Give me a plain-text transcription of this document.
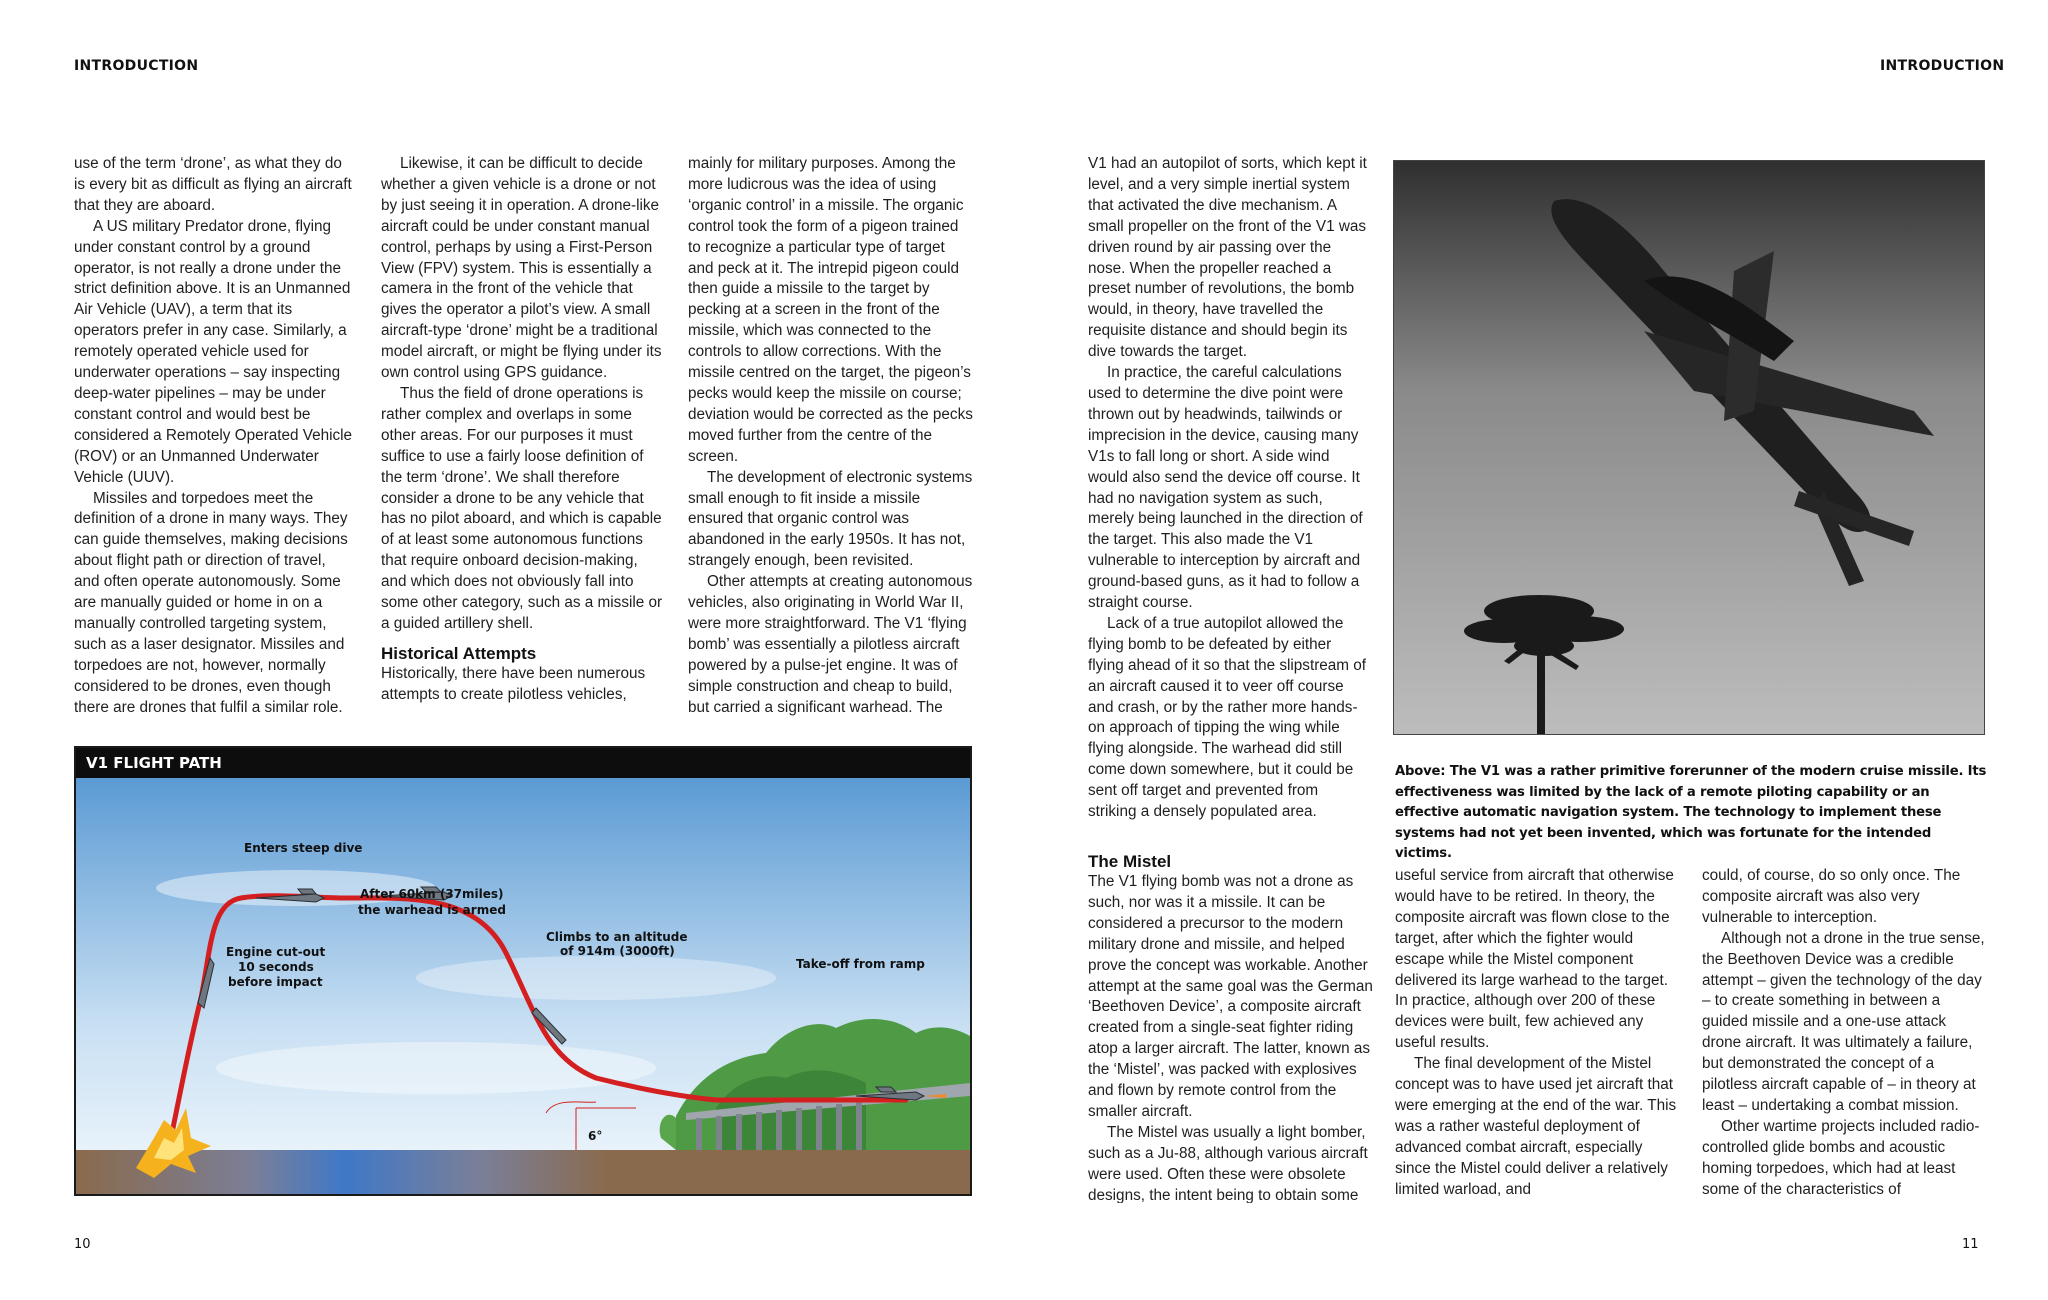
INTRODUCTION	INTRODUCTION

use of the term ‘drone’, as what they do is every bit as difficult as flying an aircraft that they are aboard.

A US military Predator drone, flying under constant control by a ground operator, is not really a drone under the strict definition above. It is an Unmanned Air Vehicle (UAV), a term that its operators prefer in any case. Similarly, a remotely operated vehicle used for underwater operations – say inspecting deep-water pipelines – may be under constant control and would best be considered a Remotely Operated Vehicle (ROV) or an Unmanned Underwater Vehicle (UUV).

Missiles and torpedoes meet the definition of a drone in many ways. They can guide themselves, making decisions about flight path or direction of travel, and often operate autonomously. Some are manually guided or home in on a manually controlled targeting system, such as a laser designator. Missiles and torpedoes are not, however, normally considered to be drones, even though there are drones that fulfil a similar role.

Likewise, it can be difficult to decide whether a given vehicle is a drone or not by just seeing it in operation. A drone-like aircraft could be under constant manual control, perhaps by using a First-Person View (FPV) system. This is essentially a camera in the front of the vehicle that gives the operator a pilot’s view. A small aircraft-type ‘drone’ might be a traditional model aircraft, or might be flying under its own control using GPS guidance.

Thus the field of drone operations is rather complex and overlaps in some other areas. For our purposes it must suffice to use a fairly loose definition of the term ‘drone’. We shall therefore consider a drone to be any vehicle that has no pilot aboard, and which is capable of at least some autonomous functions that require onboard decision-making, and which does not obviously fall into some other category, such as a missile or a guided artillery shell.

Historical Attempts

Historically, there have been numerous attempts to create pilotless vehicles,

mainly for military purposes. Among the more ludicrous was the idea of using ‘organic control’ in a missile. The organic control took the form of a pigeon trained to recognize a particular type of target and peck at it. The intrepid pigeon could then guide a missile to the target by pecking at a screen in the front of the missile, which was connected to the controls to allow corrections. With the missile centred on the target, the pigeon’s pecks would keep the missile on course; deviation would be corrected as the pecks moved further from the centre of the screen.

The development of electronic systems small enough to fit inside a missile ensured that organic control was abandoned in the early 1950s. It has not, strangely enough, been revisited.

Other attempts at creating autonomous vehicles, also originating in World War II, were more straightforward. The V1 ‘flying bomb’ was essentially a pilotless aircraft powered by a pulse-jet engine. It was of simple construction and cheap to build, but carried a significant warhead. The

V1 FLIGHT PATH
Enters steep dive
After 60km (37miles)
the warhead is armed
Climbs to an altitude
of 914m (3000ft)
Engine cut-out
10 seconds
before impact
Take-off from ramp
6°
Above: The V1 was a rather primitive forerunner of the modern cruise missile. Its effectiveness was limited by the lack of a remote piloting capability or an effective automatic navigation system. The technology to implement these systems had not yet been invented, which was fortunate for the intended victims.

V1 had an autopilot of sorts, which kept it level, and a very simple inertial system that activated the dive mechanism. A small propeller on the front of the V1 was driven round by air passing over the nose. When the propeller reached a preset number of revolutions, the bomb would, in theory, have travelled the requisite distance and should begin its dive towards the target.

In practice, the careful calculations used to determine the dive point were thrown out by headwinds, tailwinds or imprecision in the device, causing many V1s to fall long or short. A side wind would also send the device off course. It had no navigation system as such, merely being launched in the direction of the target. This also made the V1 vulnerable to interception by aircraft and ground-based guns, as it had to follow a straight course.

Lack of a true autopilot allowed the flying bomb to be defeated by either flying ahead of it so that the slipstream of an aircraft caused it to veer off course and crash, or by the rather more hands-on approach of tipping the wing while flying alongside. The warhead did still come down somewhere, but it could be sent off target and prevented from striking a densely populated area.

The Mistel

The V1 flying bomb was not a drone as such, nor was it a missile. It can be considered a precursor to the modern military drone and missile, and helped prove the concept was workable. Another attempt at the same goal was the German ‘Beethoven Device’, a composite aircraft created from a single-seat fighter riding atop a larger aircraft. The latter, known as the ‘Mistel’, was packed with explosives and flown by remote control from the smaller aircraft.

The Mistel was usually a light bomber, such as a Ju-88, although various aircraft were used. Often these were obsolete designs, the intent being to obtain some

useful service from aircraft that otherwise would have to be retired. In theory, the composite aircraft was flown close to the target, after which the fighter would escape while the Mistel component delivered its large warhead to the target. In practice, although over 200 of these devices were built, few achieved any useful results.

The final development of the Mistel concept was to have used jet aircraft that were emerging at the end of the war. This was a rather wasteful deployment of advanced combat aircraft, especially since the Mistel could deliver a relatively limited warload, and

could, of course, do so only once. The composite aircraft was also very vulnerable to interception.

Although not a drone in the true sense, the Beethoven Device was a credible attempt – given the technology of the day – to create something in between a guided missile and a one-use attack drone aircraft. It was ultimately a failure, but demonstrated the concept of a pilotless aircraft capable of – in theory at least – undertaking a combat mission.

Other wartime projects included radio-controlled glide bombs and acoustic homing torpedoes, which had at least some of the characteristics of

10	11
